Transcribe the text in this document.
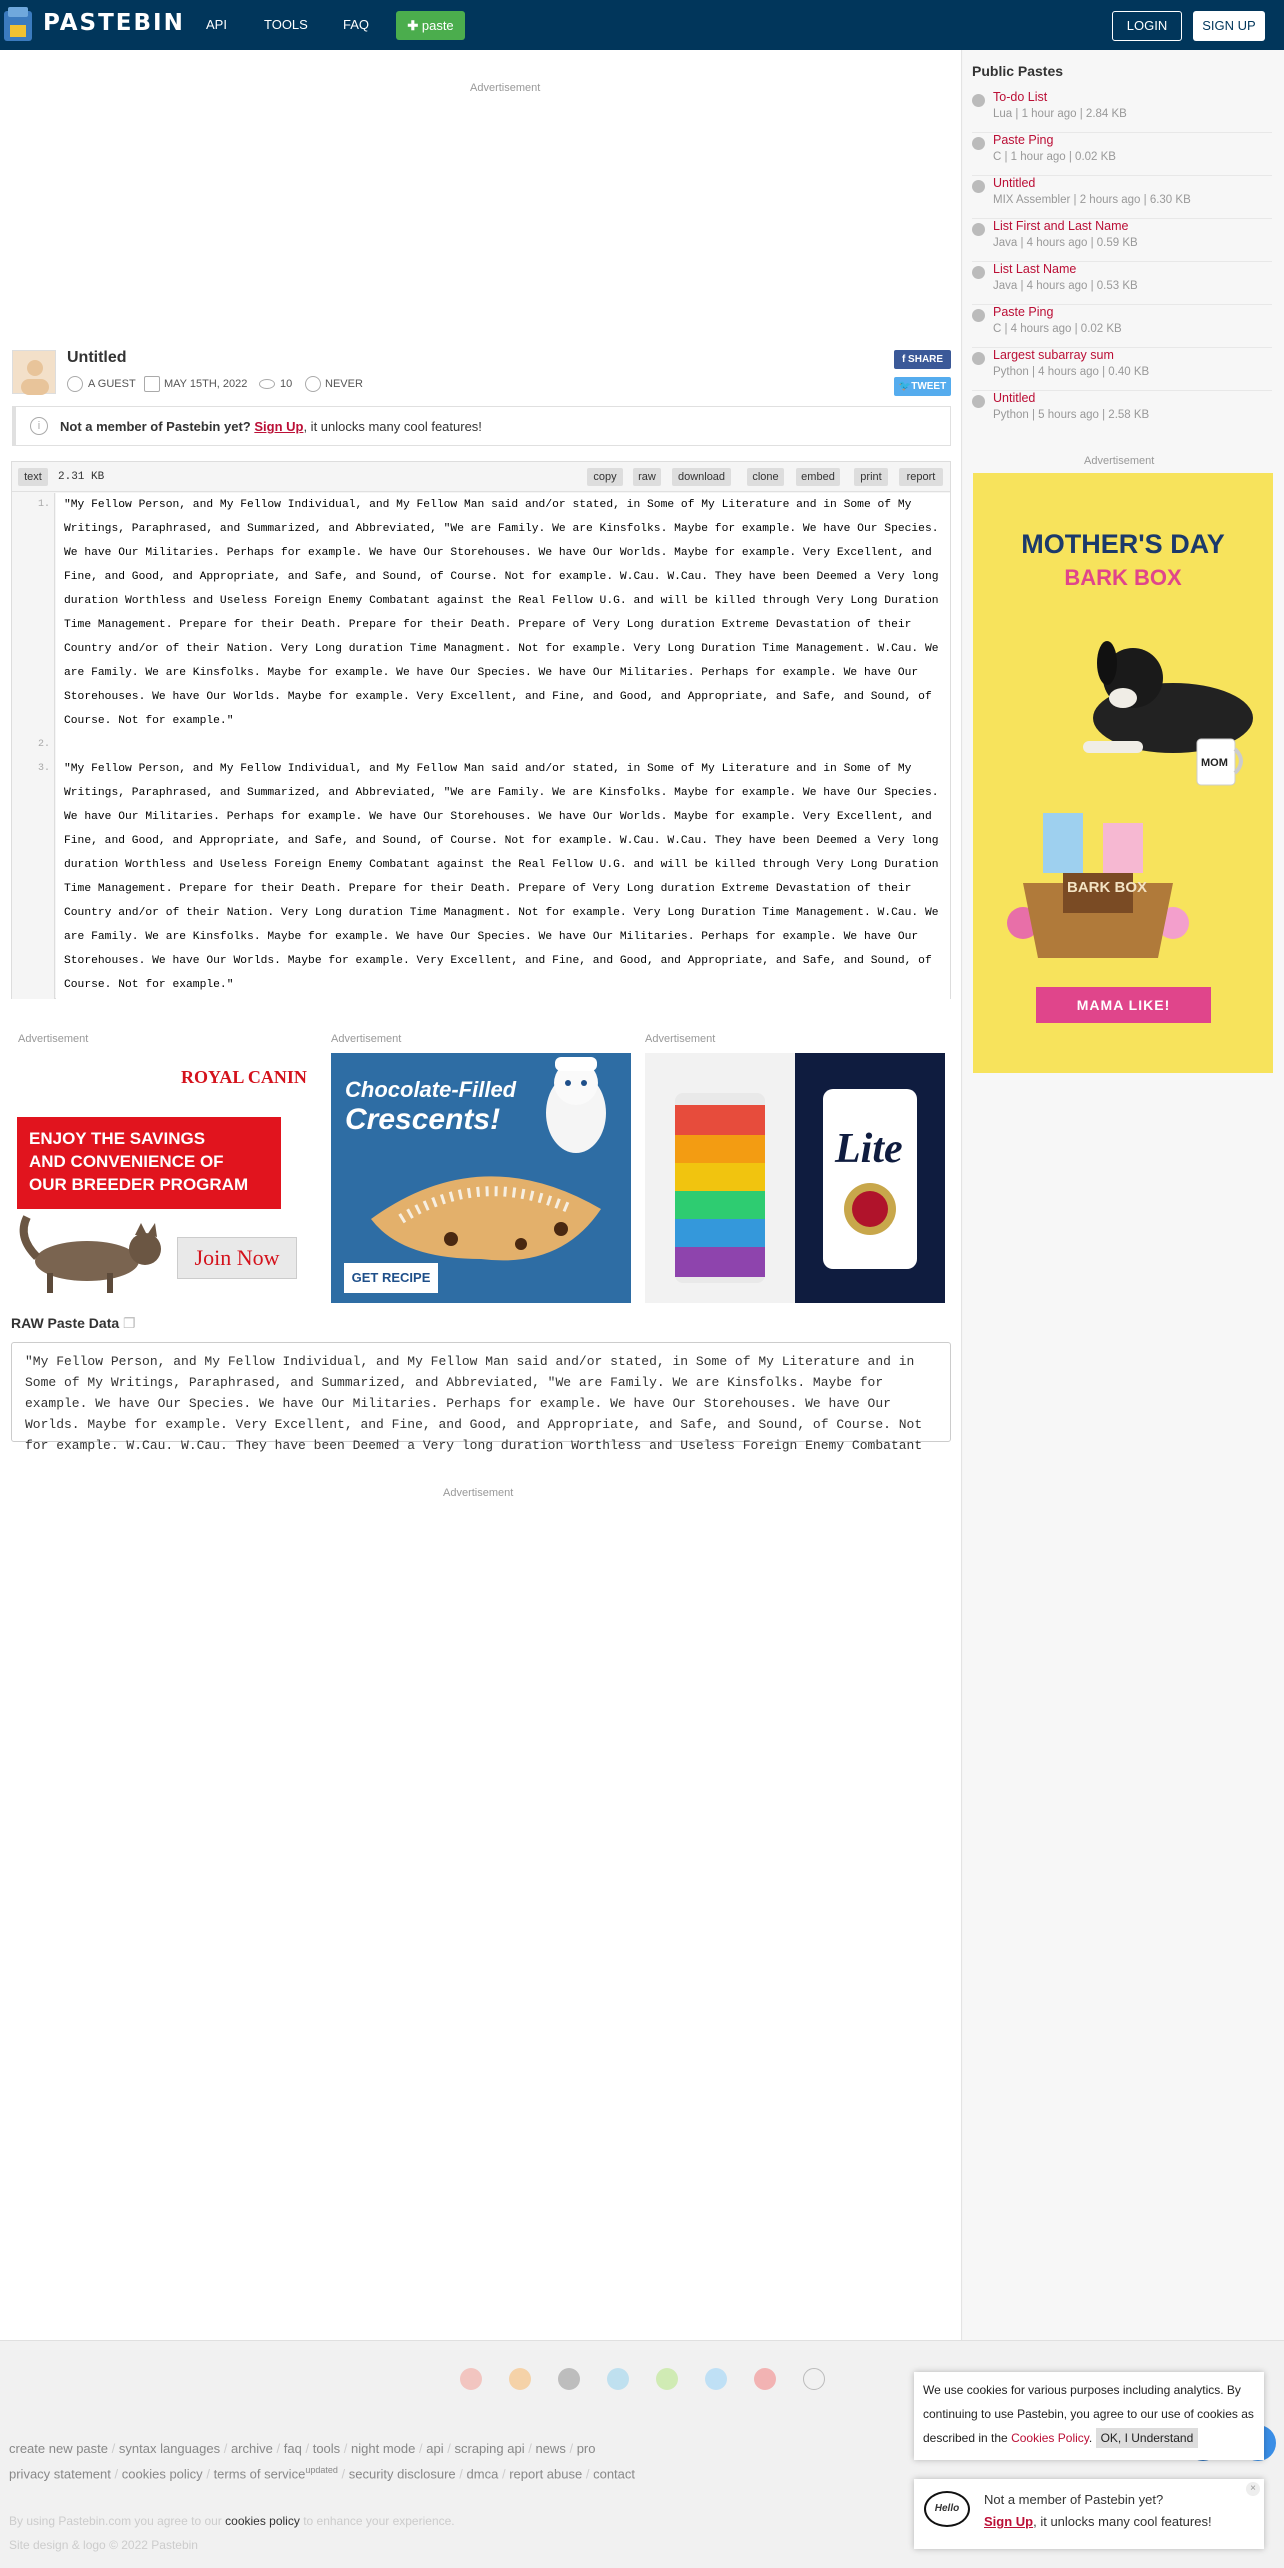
PASTEBIN API	TOOLS	FAQ	✚ paste	LOGIN	SIGN UP
Advertisement
Untitled
A GUEST	MAY 15TH, 2022	10	NEVER
f SHARE
🐦TWEET
i	Not a member of Pastebin yet? Sign Up, it unlocks many cool features!
text	2.31 KB	copy	raw	download	clone	embed	print	report
1.
2.
3.
"My Fellow Person, and My Fellow Individual, and My Fellow Man said and/or stated, in Some of My Literature and in Some of My Writings, Paraphrased, and Summarized, and Abbreviated, "We are Family. We are Kinsfolks. Maybe for example. We have Our Species. We have Our Militaries. Perhaps for example. We have Our Storehouses. We have Our Worlds. Maybe for example. Very Excellent, and Fine, and Good, and Appropriate, and Safe, and Sound, of Course. Not for example. W.Cau. W.Cau. They have been Deemed a Very long duration Worthless and Useless Foreign Enemy Combatant against the Real Fellow U.G. and will be killed through Very Long Duration Time Management. Prepare for their Death. Prepare for their Death. Prepare of Very Long duration Extreme Devastation of their Country and/or of their Nation. Very Long duration Time Managment. Not for example. Very Long Duration Time Management. W.Cau. We are Family. We are Kinsfolks. Maybe for example. We have Our Species. We have Our Militaries. Perhaps for example. We have Our Storehouses. We have Our Worlds. Maybe for example. Very Excellent, and Fine, and Good, and Appropriate, and Safe, and Sound, of Course. Not for example."
"My Fellow Person, and My Fellow Individual, and My Fellow Man said and/or stated, in Some of My Literature and in Some of My Writings, Paraphrased, and Summarized, and Abbreviated, "We are Family. We are Kinsfolks. Maybe for example. We have Our Species. We have Our Militaries. Perhaps for example. We have Our Storehouses. We have Our Worlds. Maybe for example. Very Excellent, and Fine, and Good, and Appropriate, and Safe, and Sound, of Course. Not for example. W.Cau. W.Cau. They have been Deemed a Very long duration Worthless and Useless Foreign Enemy Combatant against the Real Fellow U.G. and will be killed through Very Long Duration Time Management. Prepare for their Death. Prepare for their Death. Prepare of Very Long duration Extreme Devastation of their Country and/or of their Nation. Very Long duration Time Managment. Not for example. Very Long Duration Time Management. W.Cau. We are Family. We are Kinsfolks. Maybe for example. We have Our Species. We have Our Militaries. Perhaps for example. We have Our Storehouses. We have Our Worlds. Maybe for example. Very Excellent, and Fine, and Good, and Appropriate, and Safe, and Sound, of Course. Not for example."
Advertisement	Advertisement	Advertisement
ROYAL CANIN
ENJOY THE SAVINGS
AND CONVENIENCE OF
OUR BREEDER PROGRAM
Join Now
Chocolate-Filled
Crescents!
GET RECIPE
Lite
RAW Paste Data ❐
"My Fellow Person, and My Fellow Individual, and My Fellow Man said and/or stated, in Some of My Literature and in Some of My Writings, Paraphrased, and Summarized, and Abbreviated, "We are Family. We are Kinsfolks. Maybe for example. We have Our Species. We have Our Militaries. Perhaps for example. We have Our Storehouses. We have Our Worlds. Maybe for example. Very Excellent, and Fine, and Good, and Appropriate, and Safe, and Sound, of Course. Not for example. W.Cau. W.Cau. They have been Deemed a Very long duration Worthless and Useless Foreign Enemy Combatant
Advertisement
Public Pastes
To-do List
Lua | 1 hour ago | 2.84 KB
Paste Ping
C | 1 hour ago | 0.02 KB
Untitled
MIX Assembler | 2 hours ago | 6.30 KB
List First and Last Name
Java | 4 hours ago | 0.59 KB
List Last Name
Java | 4 hours ago | 0.53 KB
Paste Ping
C | 4 hours ago | 0.02 KB
Largest subarray sum
Python | 4 hours ago | 0.40 KB
Untitled
Python | 5 hours ago | 2.58 KB
Advertisement
MOTHER'S DAY
BARK BOX
MOM
BARK BOX
MAMA LIKE!
create new paste / syntax languages / archive / faq / tools / night mode / api / scraping api / news / pro
privacy statement / cookies policy / terms of service$^{updated}$ / security disclosure / dmca / report abuse / contact
By using Pastebin.com you agree to our cookies policy to enhance your experience.
Site design & logo © 2022 Pastebin
We use cookies for various purposes including analytics. By continuing to use Pastebin, you agree to our use of cookies as described in the Cookies Policy. OK, I Understand
Hello
Not a member of Pastebin yet?
Sign Up, it unlocks many cool features!
×
